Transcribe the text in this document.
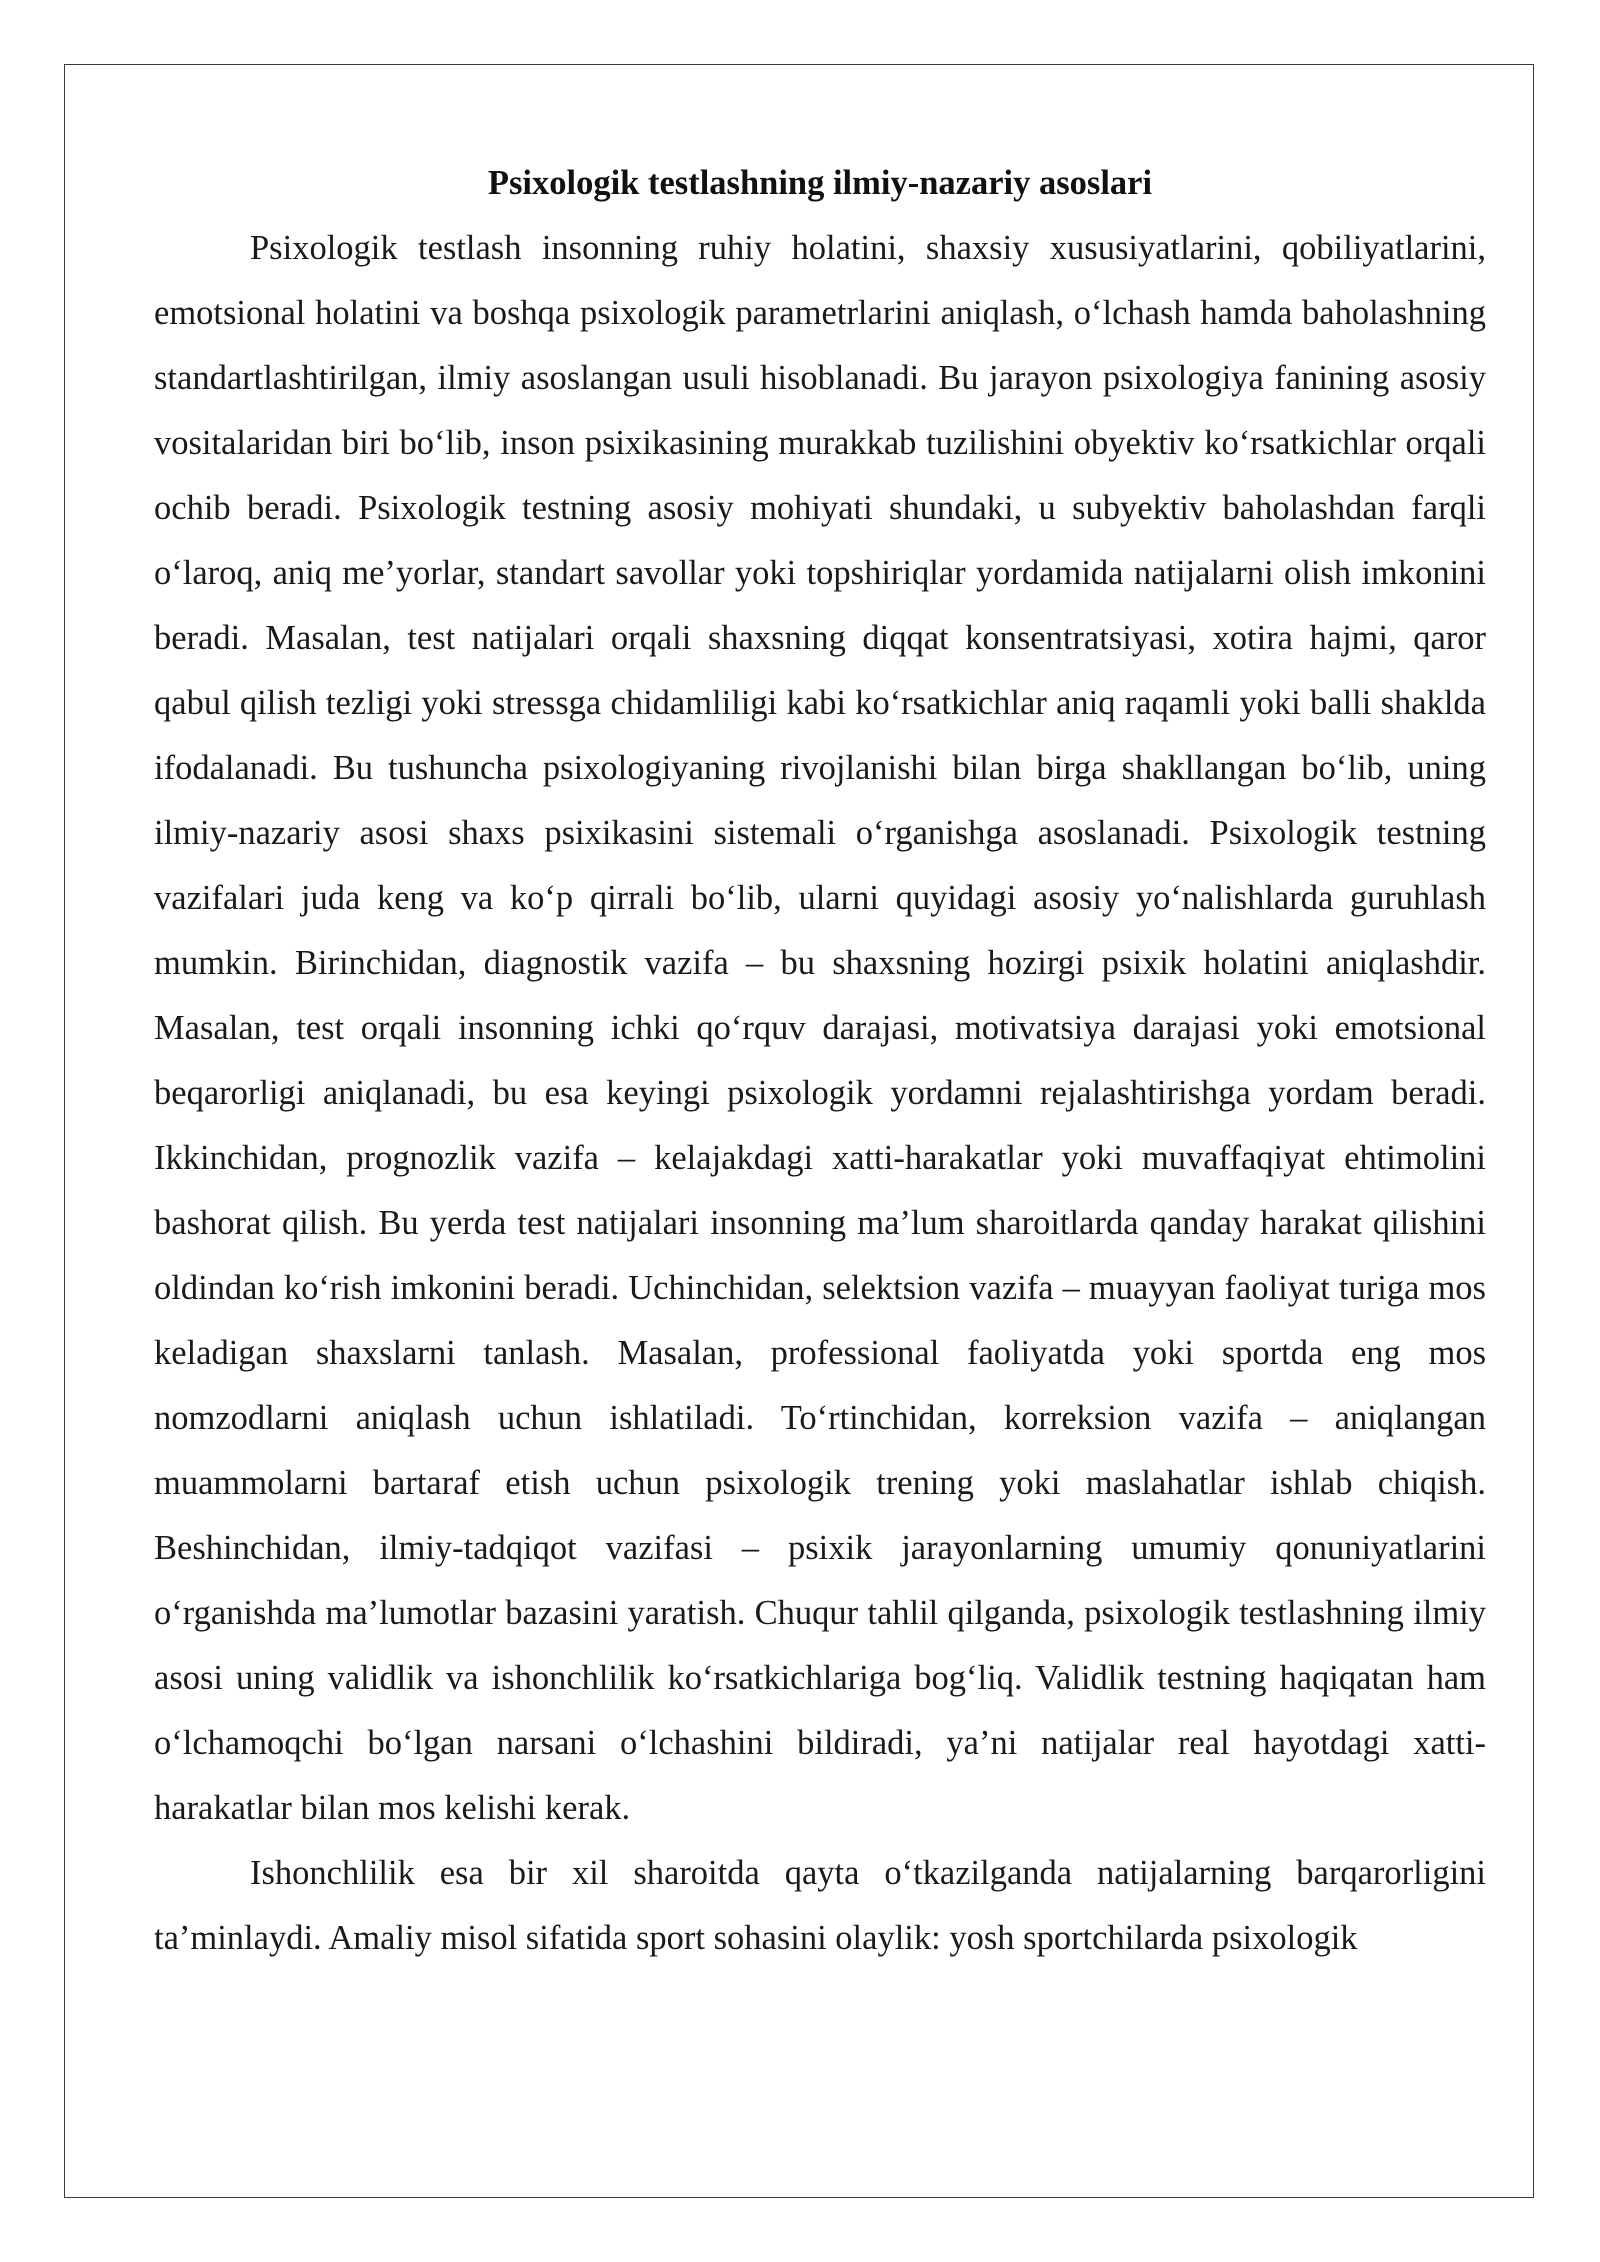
Psixologik testlashning ilmiy-nazariy asoslari

Psixologik testlash insonning ruhiy holatini, shaxsiy xususiyatlarini, qobiliyatlarini, emotsional holatini va boshqa psixologik parametrlarini aniqlash, o‘lchash hamda baholashning standartlashtirilgan, ilmiy asoslangan usuli hisoblanadi. Bu jarayon psixologiya fanining asosiy vositalaridan biri bo‘lib, inson psixikasining murakkab tuzilishini obyektiv ko‘rsatkichlar orqali ochib beradi. Psixologik testning asosiy mohiyati shundaki, u subyektiv baholashdan farqli o‘laroq, aniq me’yorlar, standart savollar yoki topshiriqlar yordamida natijalarni olish imkonini beradi. Masalan, test natijalari orqali shaxsning diqqat konsentratsiyasi, xotira hajmi, qaror qabul qilish tezligi yoki stressga chidamliligi kabi ko‘rsatkichlar aniq raqamli yoki balli shaklda ifodalanadi. Bu tushuncha psixologiyaning rivojlanishi bilan birga shakllangan bo‘lib, uning ilmiy-nazariy asosi shaxs psixikasini sistemali o‘rganishga asoslanadi. Psixologik testning vazifalari juda keng va ko‘p qirrali bo‘lib, ularni quyidagi asosiy yo‘nalishlarda guruhlash mumkin. Birinchidan, diagnostik vazifa – bu shaxsning hozirgi psixik holatini aniqlashdir. Masalan, test orqali insonning ichki qo‘rquv darajasi, motivatsiya darajasi yoki emotsional beqarorligi aniqlanadi, bu esa keyingi psixologik yordamni rejalashtirishga yordam beradi. Ikkinchidan, prognozlik vazifa – kelajakdagi xatti-harakatlar yoki muvaffaqiyat ehtimolini bashorat qilish. Bu yerda test natijalari insonning ma’lum sharoitlarda qanday harakat qilishini oldindan ko‘rish imkonini beradi. Uchinchidan, selektsion vazifa – muayyan faoliyat turiga mos keladigan shaxslarni tanlash. Masalan, professional faoliyatda yoki sportda eng mos nomzodlarni aniqlash uchun ishlatiladi. To‘rtinchidan, korreksion vazifa – aniqlangan muammolarni bartaraf etish uchun psixologik trening yoki maslahatlar ishlab chiqish. Beshinchidan, ilmiy-tadqiqot vazifasi – psixik jarayonlarning umumiy qonuniyatlarini o‘rganishda ma’lumotlar bazasini yaratish. Chuqur tahlil qilganda, psixologik testlashning ilmiy asosi uning validlik va ishonchlilik ko‘rsatkichlariga bog‘liq. Validlik testning haqiqatan ham o‘lchamoqchi bo‘lgan narsani o‘lchashini bildiradi, ya’ni natijalar real hayotdagi xatti-harakatlar bilan mos kelishi kerak.

Ishonchlilik esa bir xil sharoitda qayta o‘tkazilganda natijalarning barqarorligini ta’minlaydi. Amaliy misol sifatida sport sohasini olaylik: yosh sportchilarda psixologik
